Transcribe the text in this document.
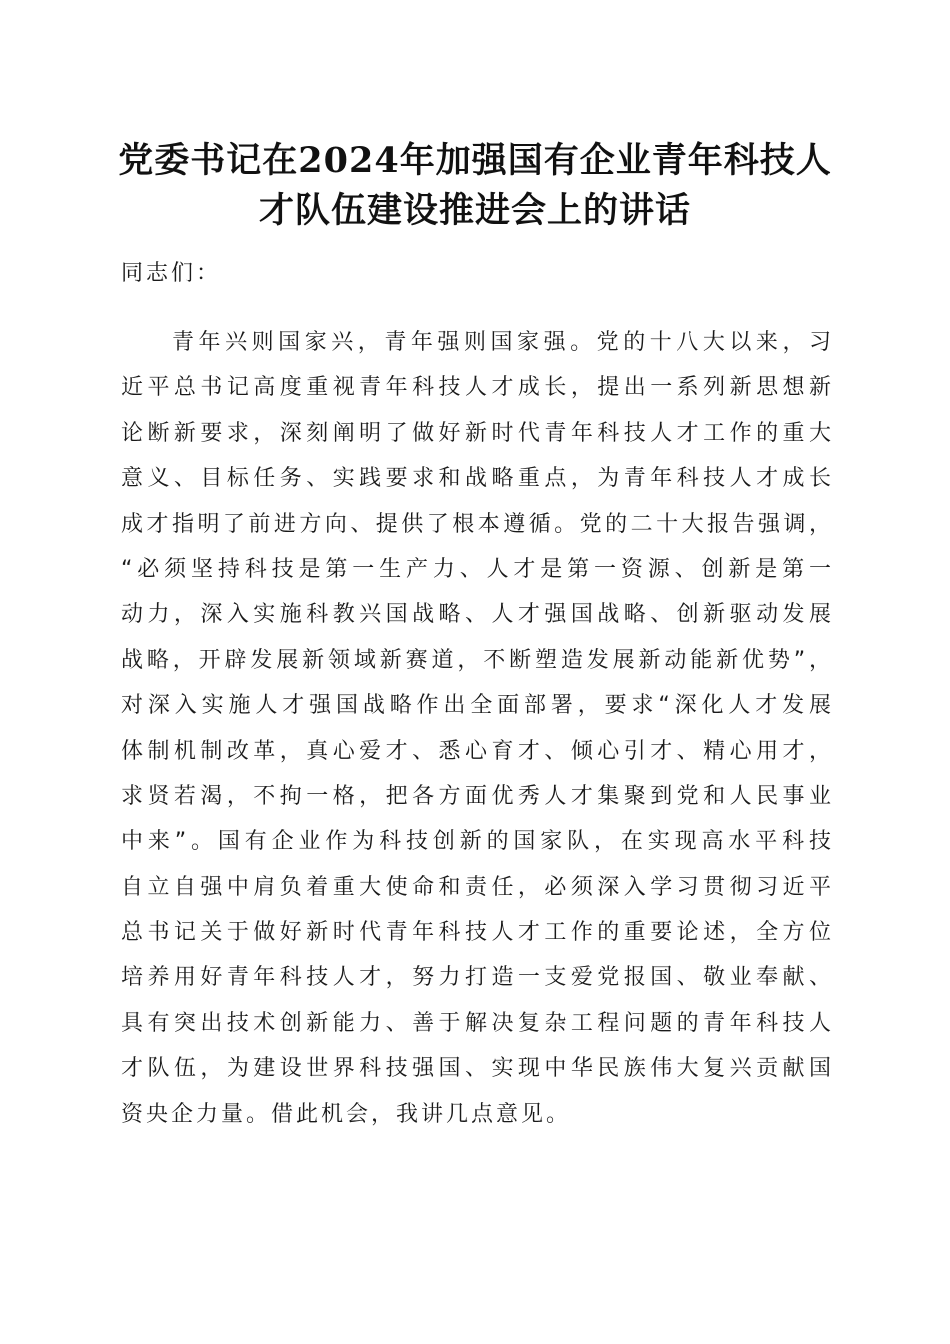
党委书记在2024年加强国有企业青年科技人
才队伍建设推进会上的讲话

同志们：

青年兴则国家兴，青年强则国家强。党的十八大以来，习
近平总书记高度重视青年科技人才成长，提出一系列新思想新
论断新要求，深刻阐明了做好新时代青年科技人才工作的重大
意义、目标任务、实践要求和战略重点，为青年科技人才成长
成才指明了前进方向、提供了根本遵循。党的二十大报告强调，
“必须坚持科技是第一生产力、人才是第一资源、创新是第一
动力，深入实施科教兴国战略、人才强国战略、创新驱动发展
战略，开辟发展新领域新赛道，不断塑造发展新动能新优势”，
对深入实施人才强国战略作出全面部署，要求“深化人才发展
体制机制改革，真心爱才、悉心育才、倾心引才、精心用才，
求贤若渴，不拘一格，把各方面优秀人才集聚到党和人民事业
中来”。国有企业作为科技创新的国家队，在实现高水平科技
自立自强中肩负着重大使命和责任，必须深入学习贯彻习近平
总书记关于做好新时代青年科技人才工作的重要论述，全方位
培养用好青年科技人才，努力打造一支爱党报国、敬业奉献、
具有突出技术创新能力、善于解决复杂工程问题的青年科技人
才队伍，为建设世界科技强国、实现中华民族伟大复兴贡献国
资央企力量。借此机会，我讲几点意见。
